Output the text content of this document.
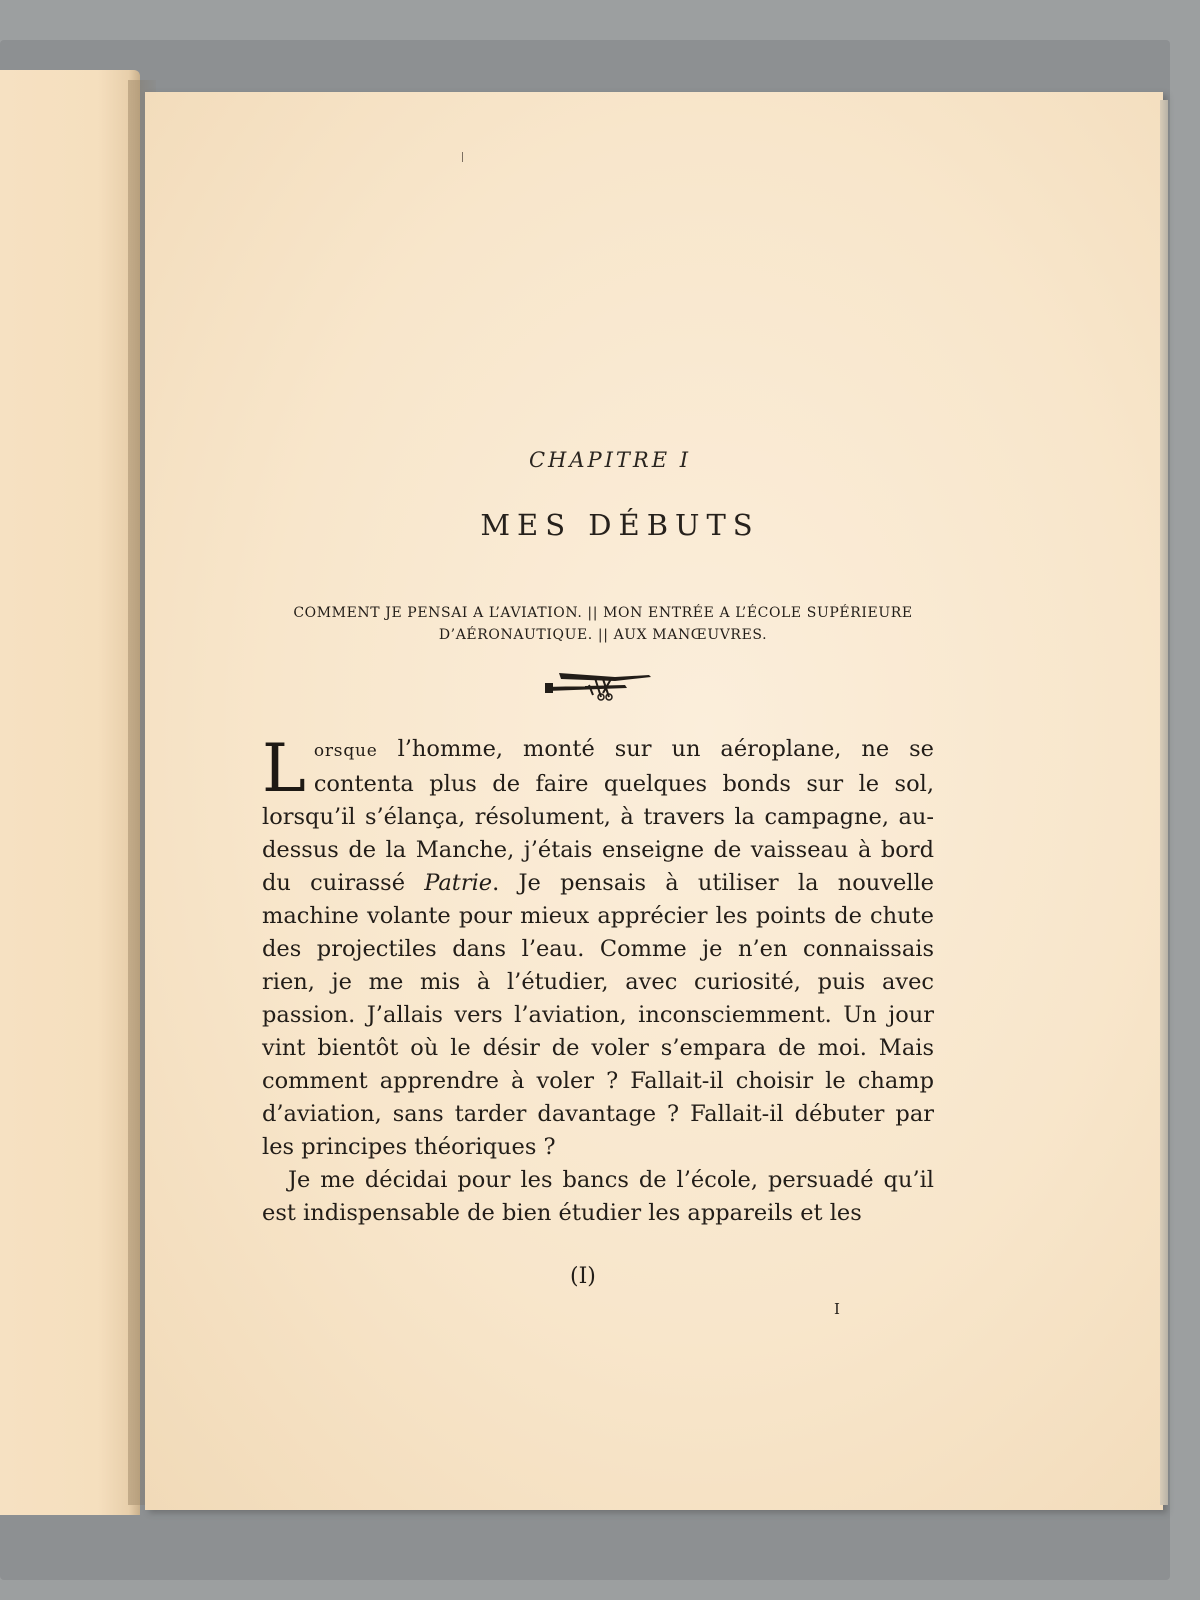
CHAPITRE I
MES DÉBUTS
COMMENT JE PENSAI A L’AVIATION. || MON ENTRÉE A L’ÉCOLE SUPÉRIEURE
D’AÉRONAUTIQUE. || AUX MANŒUVRES.

Lorsque l’homme, monté sur un aéroplane, ne se contenta plus de faire quelques bonds sur le sol, lorsqu’il s’élança, résolument, à travers la campagne, au-dessus de la Manche, j’étais enseigne de vaisseau à bord du cuirassé Patrie. Je pensais à utiliser la nouvelle machine volante pour mieux apprécier les points de chute des projectiles dans l’eau. Comme je n’en connaissais rien, je me mis à l’étudier, avec curiosité, puis avec passion. J’allais vers l’aviation, inconsciemment. Un jour vint bientôt où le désir de voler s’empara de moi. Mais comment apprendre à voler ? Fallait-il choisir le champ d’aviation, sans tarder davantage ? Fallait-il débuter par les principes théoriques ?

Je me décidai pour les bancs de l’école, persuadé qu’il est indispensable de bien étudier les appareils et les

(I)
I
